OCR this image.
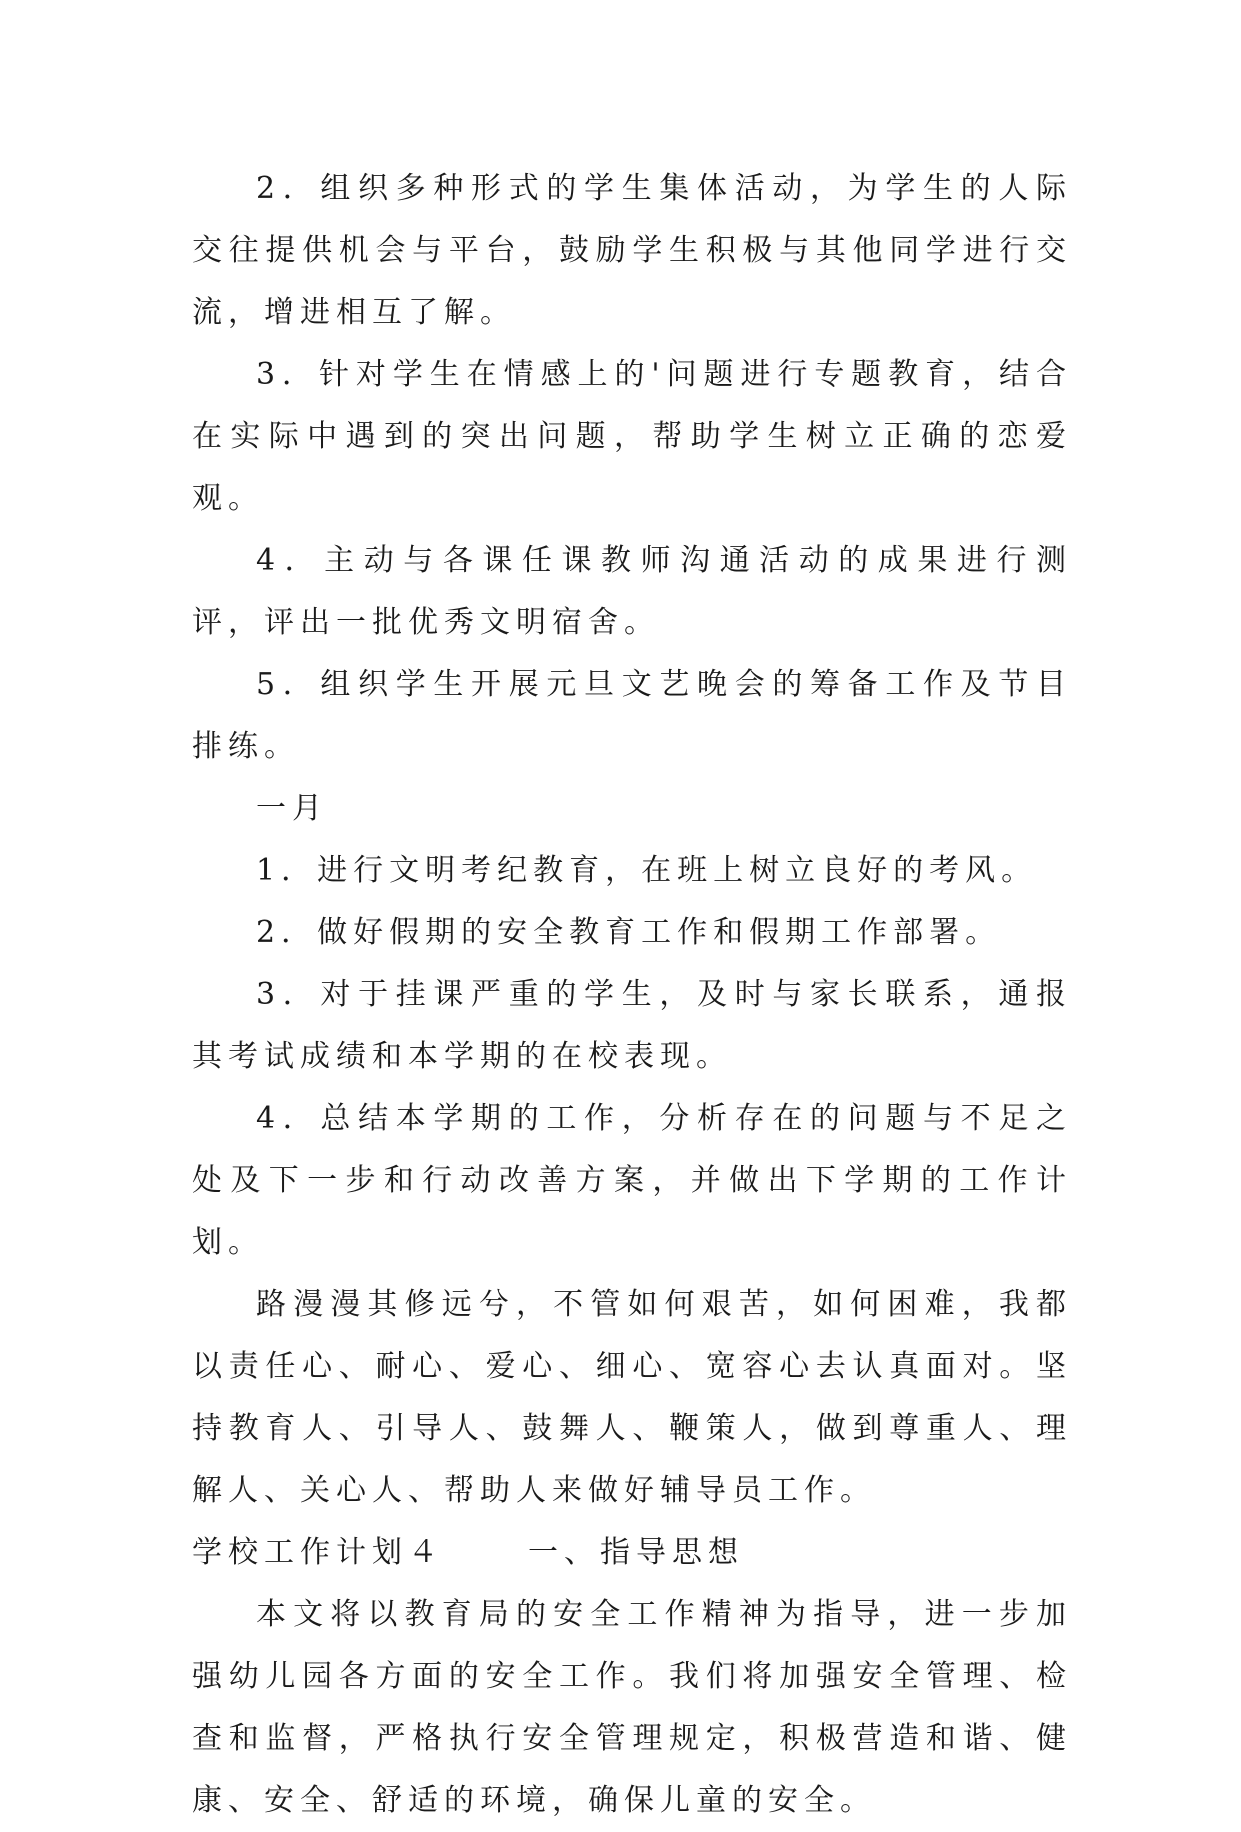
2．组织多种形式的学生集体活动，为学生的人际交往提供机会与平台，鼓励学生积极与其他同学进行交流，增进相互了解。

3．针对学生在情感上的'问题进行专题教育，结合在实际中遇到的突出问题，帮助学生树立正确的恋爱观。

4．主动与各课任课教师沟通活动的成果进行测评，评出一批优秀文明宿舍。

5．组织学生开展元旦文艺晚会的筹备工作及节目排练。

一月

1．进行文明考纪教育，在班上树立良好的考风。

2．做好假期的安全教育工作和假期工作部署。

3．对于挂课严重的学生，及时与家长联系，通报其考试成绩和本学期的在校表现。

4．总结本学期的工作，分析存在的问题与不足之处及下一步和行动改善方案，并做出下学期的工作计划。

路漫漫其修远兮，不管如何艰苦，如何困难，我都以责任心、耐心、爱心、细心、宽容心去认真面对。坚持教育人、引导人、鼓舞人、鞭策人，做到尊重人、理解人、关心人、帮助人来做好辅导员工作。

学校工作计划４	一、指导思想

本文将以教育局的安全工作精神为指导，进一步加强幼儿园各方面的安全工作。我们将加强安全管理、检查和监督，严格执行安全管理规定，积极营造和谐、健康、安全、舒适的环境，确保儿童的安全。
